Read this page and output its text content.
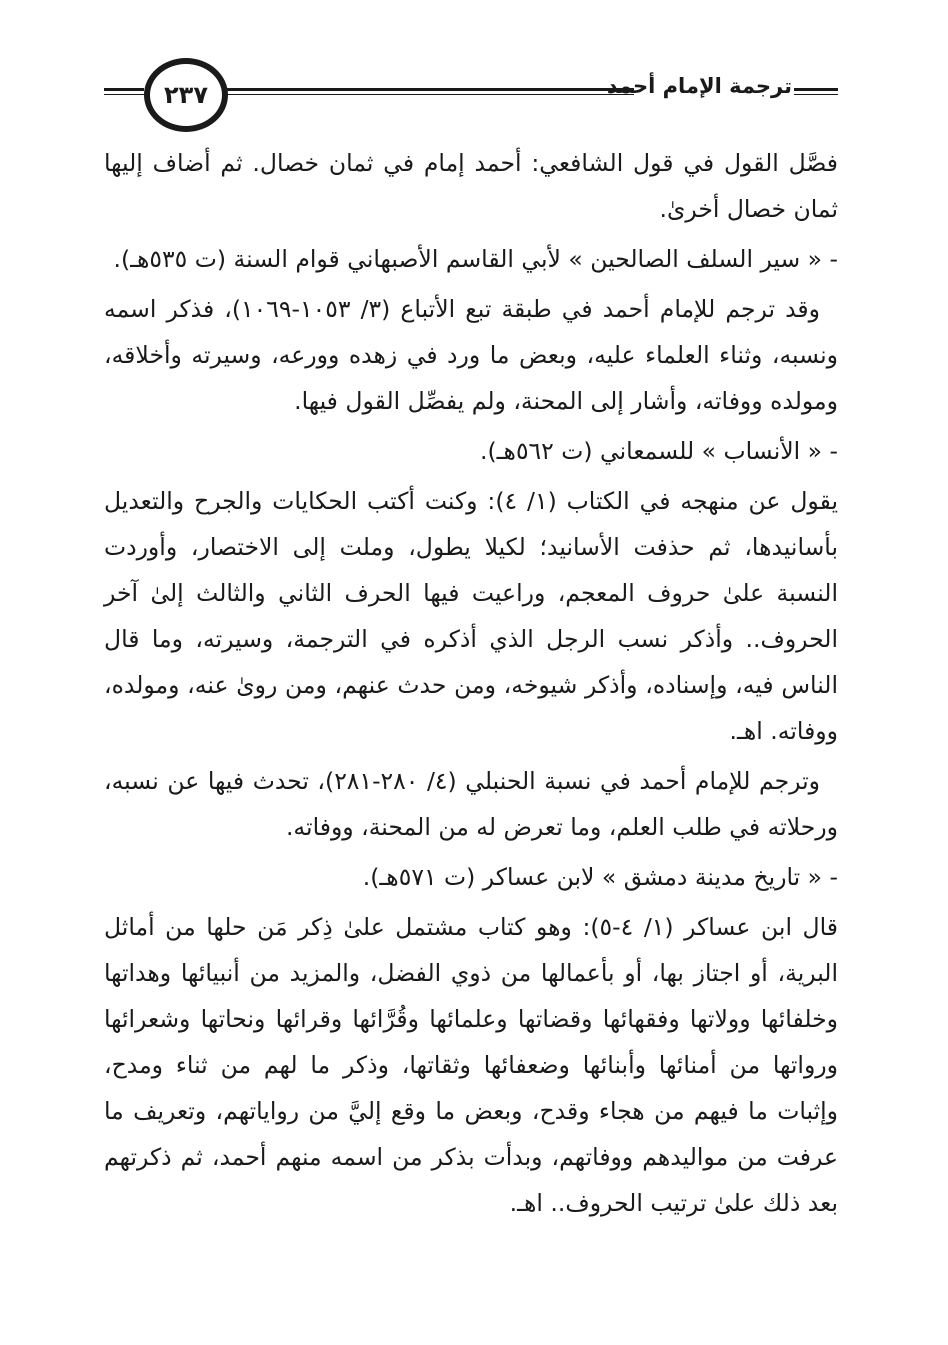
٢٣٧	ترجمة الإمام أحمد

فصَّل القول في قول الشافعي: أحمد إمام في ثمان خصال. ثم أضاف إليها ثمان خصال أخرىٰ.

- « سير السلف الصالحين » لأبي القاسم الأصبهاني قوام السنة (ت ٥٣٥هـ).

وقد ترجم للإمام أحمد في طبقة تبع الأتباع (٣/ ١٠٥٣-١٠٦٩)، فذكر اسمه ونسبه، وثناء العلماء عليه، وبعض ما ورد في زهده وورعه، وسيرته وأخلاقه، ومولده ووفاته، وأشار إلى المحنة، ولم يفصِّل القول فيها.

- « الأنساب » للسمعاني (ت ٥٦٢هـ).

يقول عن منهجه في الكتاب (١/ ٤): وكنت أكتب الحكايات والجرح والتعديل بأسانيدها، ثم حذفت الأسانيد؛ لكيلا يطول، وملت إلى الاختصار، وأوردت النسبة علىٰ حروف المعجم، وراعيت فيها الحرف الثاني والثالث إلىٰ آخر الحروف.. وأذكر نسب الرجل الذي أذكره في الترجمة، وسيرته، وما قال الناس فيه، وإسناده، وأذكر شيوخه، ومن حدث عنهم، ومن روىٰ عنه، ومولده، ووفاته. اهـ.

وترجم للإمام أحمد في نسبة الحنبلي (٤/ ٢٨٠-٢٨١)، تحدث فيها عن نسبه، ورحلاته في طلب العلم، وما تعرض له من المحنة، ووفاته.

- « تاريخ مدينة دمشق » لابن عساكر (ت ٥٧١هـ).

قال ابن عساكر (١/ ٤-٥): وهو كتاب مشتمل علىٰ ذِكر مَن حلها من أماثل البرية، أو اجتاز بها، أو بأعمالها من ذوي الفضل، والمزيد من أنبيائها وهداتها وخلفائها وولاتها وفقهائها وقضاتها وعلمائها وقُرَّائها وقرائها ونحاتها وشعرائها ورواتها من أمنائها وأبنائها وضعفائها وثقاتها، وذكر ما لهم من ثناء ومدح، وإثبات ما فيهم من هجاء وقدح، وبعض ما وقع إليَّ من رواياتهم، وتعريف ما عرفت من مواليدهم ووفاتهم، وبدأت بذكر من اسمه منهم أحمد، ثم ذكرتهم بعد ذلك علىٰ ترتيب الحروف.. اهـ.
